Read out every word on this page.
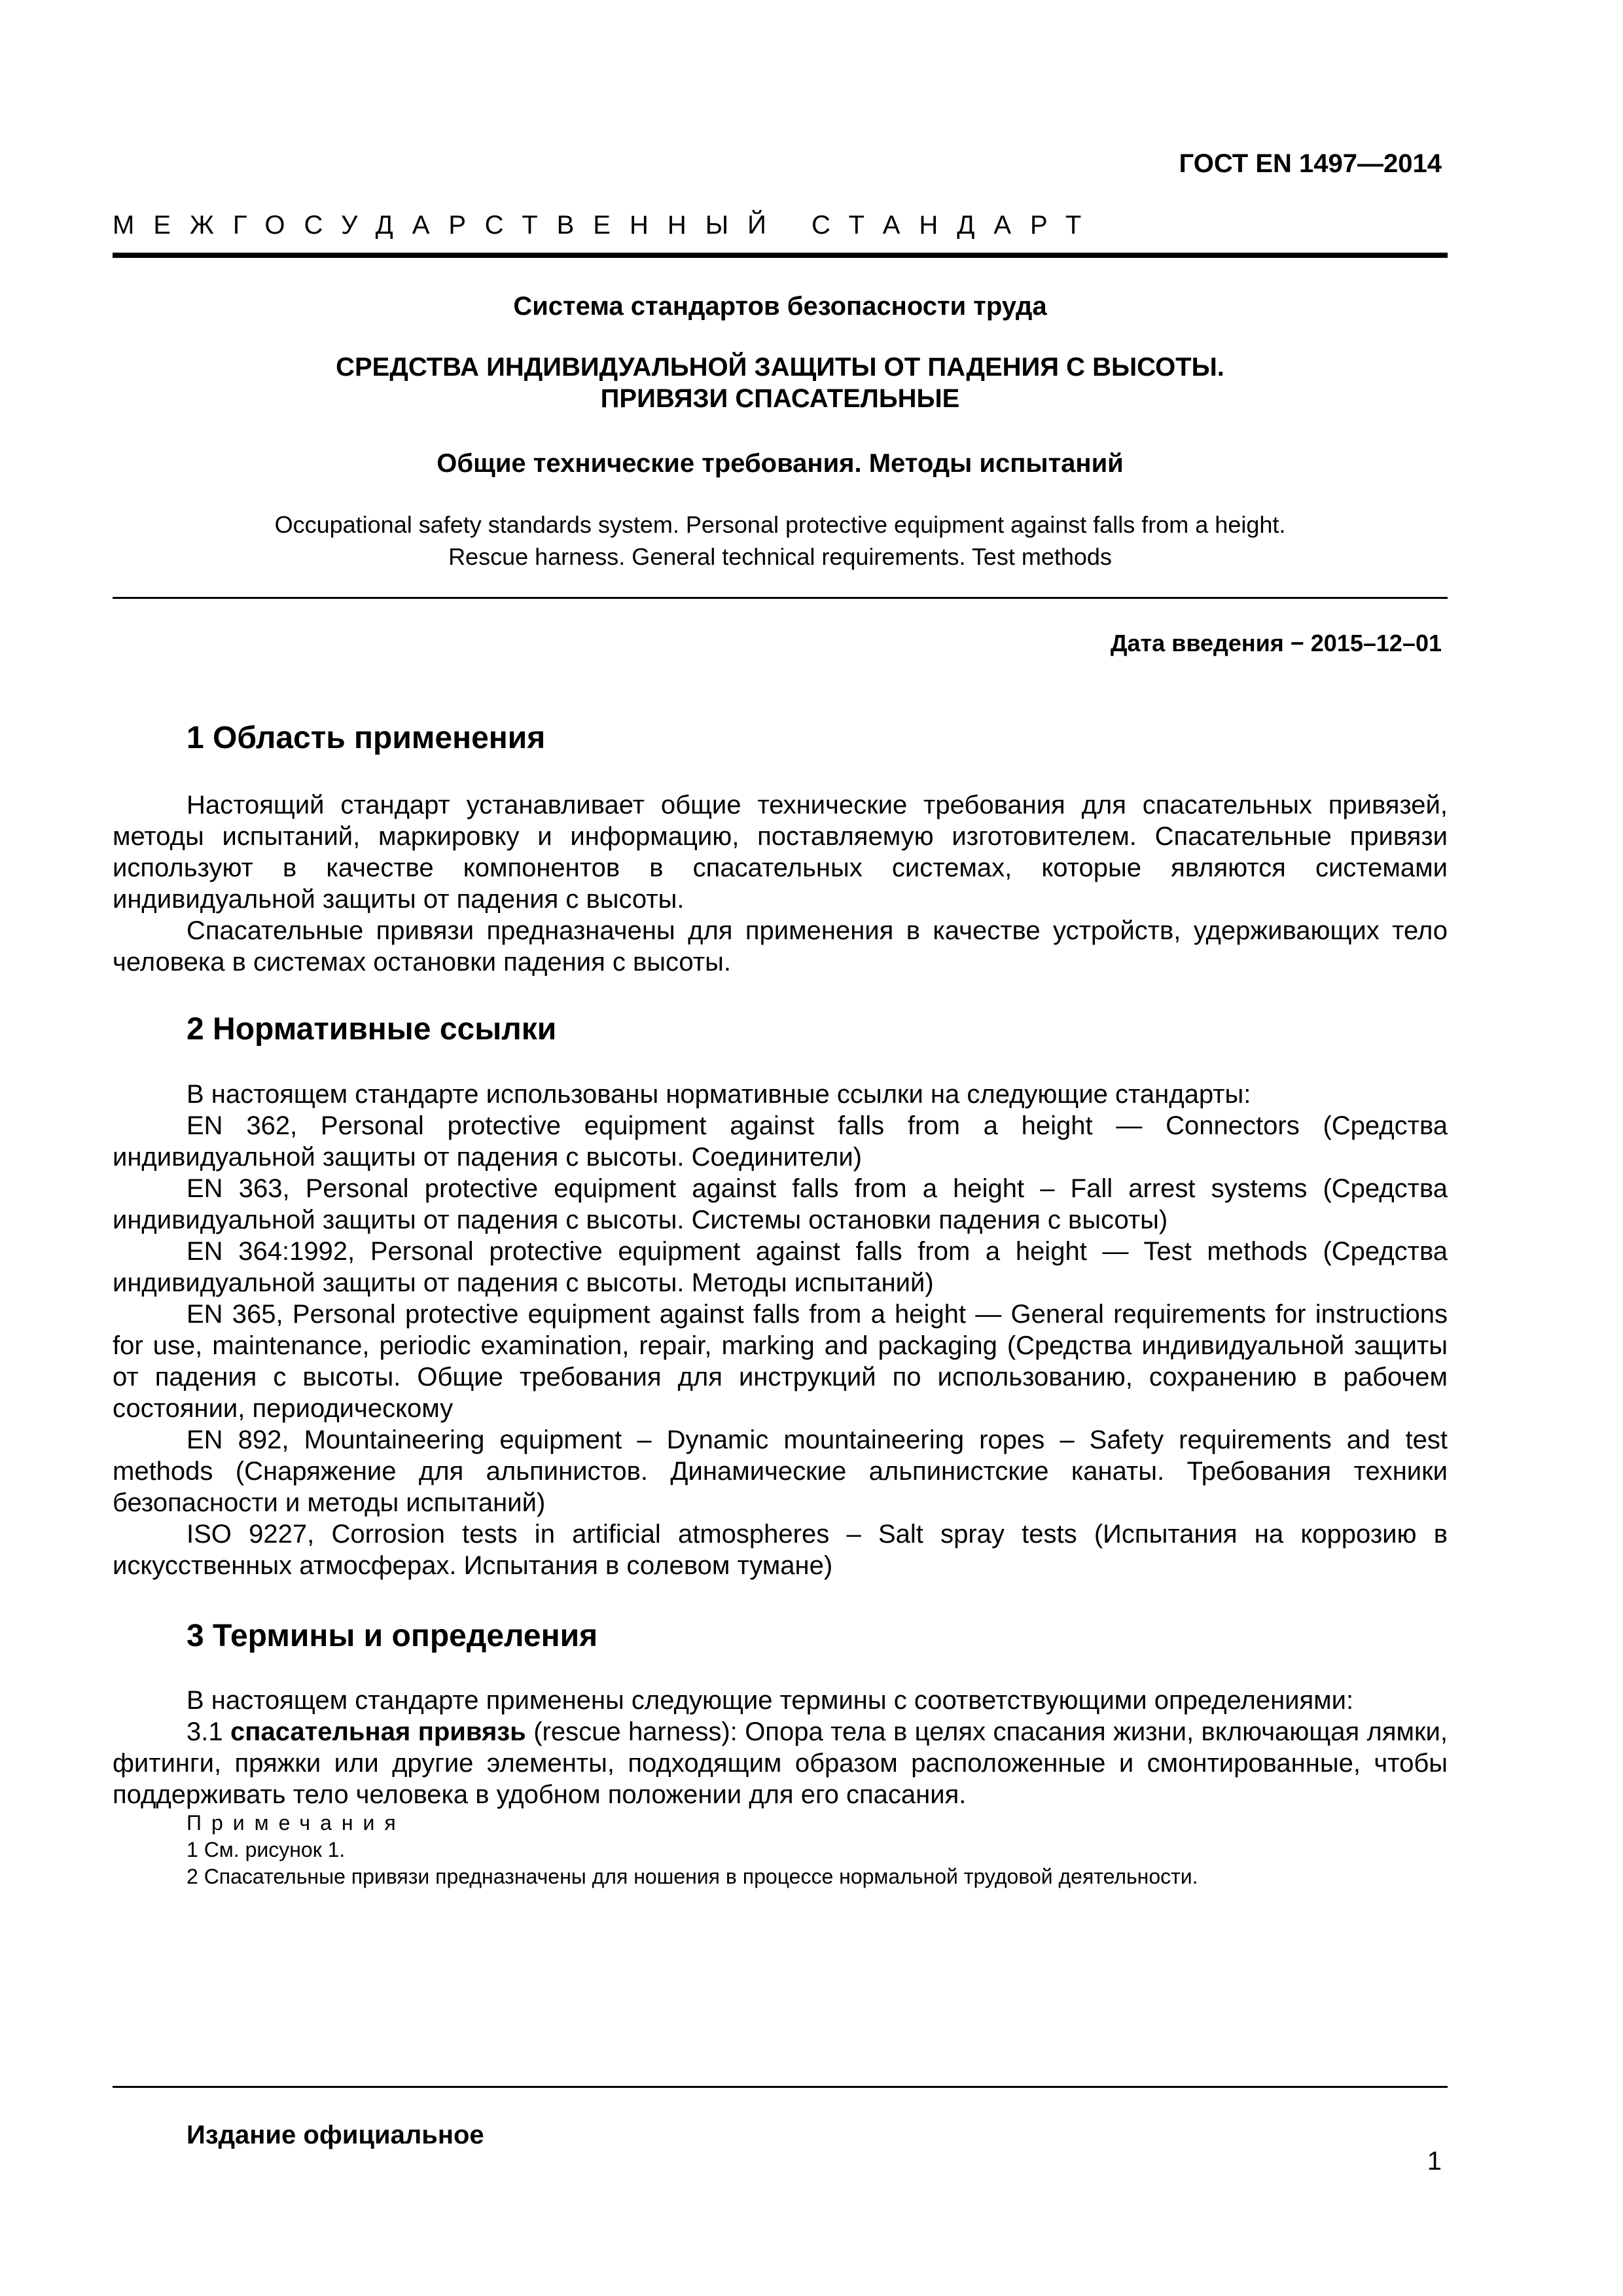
ГОСТ EN 1497—2014
МЕЖГОСУДАРСТВЕННЫЙ СТАНДАРТ
Система стандартов безопасности труда
СРЕДСТВА ИНДИВИДУАЛЬНОЙ ЗАЩИТЫ ОТ ПАДЕНИЯ С ВЫСОТЫ.
ПРИВЯЗИ СПАСАТЕЛЬНЫЕ
Общие технические требования. Методы испытаний
Occupational safety standards system. Personal protective equipment against falls from a height.
Rescue harness. General technical requirements. Test methods
Дата введения − 2015–12–01
1 Область применения

Настоящий стандарт устанавливает общие технические требования для спасательных привязей, методы испытаний, маркировку и информацию, поставляемую изготовителем. Спасательные привязи используют в качестве компонентов в спасательных системах, которые являются системами индивидуальной защиты от падения с высоты.

Спасательные привязи предназначены для применения в качестве устройств, удерживающих тело человека в системах остановки падения с высоты.

2 Нормативные ссылки

В настоящем стандарте использованы нормативные ссылки на следующие стандарты:

EN 362, Personal protective equipment against falls from a height — Connectors (Средства индивидуальной защиты от падения с высоты. Соединители)

EN 363, Personal protective equipment against falls from a height – Fall arrest systems (Средства индивидуальной защиты от падения с высоты. Системы остановки падения с высоты)

EN 364:1992, Personal protective equipment against falls from a height — Test methods (Средства индивидуальной защиты от падения с высоты. Методы испытаний)

EN 365, Personal protective equipment against falls from a height — General requirements for instructions for use, maintenance, periodic examination, repair, marking and packaging (Средства индивидуальной защиты от падения с высоты. Общие требования для инструкций по использованию, сохранению в рабочем состоянии, периодическому

EN 892, Mountaineering equipment – Dynamic mountaineering ropes – Safety requirements and test methods (Снаряжение для альпинистов. Динамические альпинистские канаты. Требования техники безопасности и методы испытаний)

ISO 9227, Corrosion tests in artificial atmospheres – Salt spray tests (Испытания на коррозию в искусственных атмосферах. Испытания в солевом тумане)

3 Термины и определения

В настоящем стандарте применены следующие термины с соответствующими определениями:

3.1 спасательная привязь (rescue harness): Опора тела в целях спасания жизни, включающая лямки, фитинги, пряжки или другие элементы, подходящим образом расположенные и смонтированные, чтобы поддерживать тело человека в удобном положении для его спасания.

Примечания
1 См. рисунок 1.
2 Спасательные привязи предназначены для ношения в процессе нормальной трудовой деятельности.
Издание официальное
1
